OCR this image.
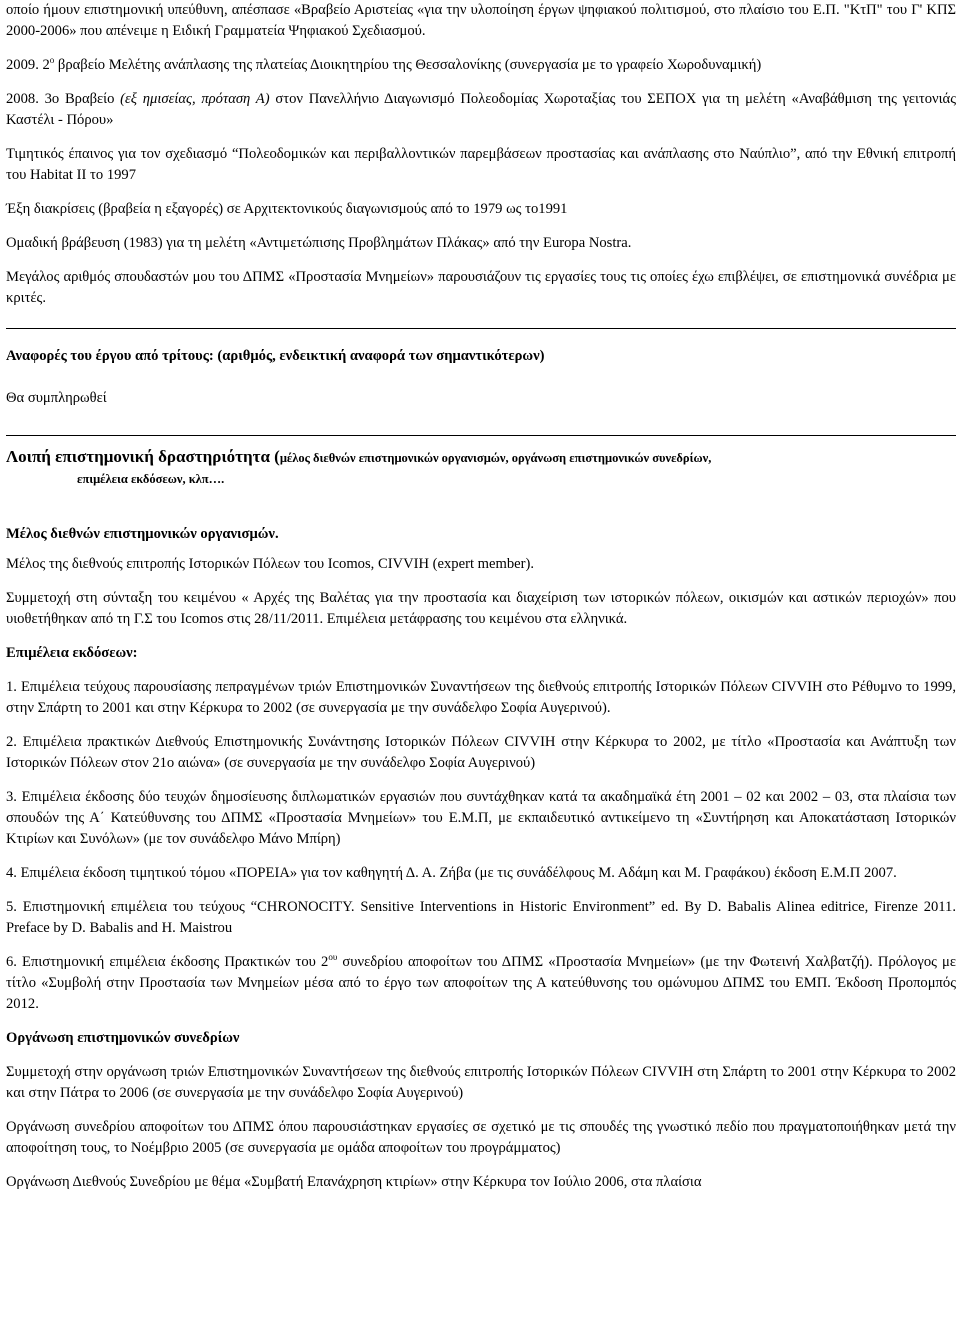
οποίο ήμουν επιστημονική υπεύθυνη, απέσπασε «Βραβείο Αριστείας «για την υλοποίηση έργων ψηφιακού πολιτισμού, στο πλαίσιο του Ε.Π. "ΚτΠ" του Γ' ΚΠΣ 2000-2006» που απένειμε η Ειδική Γραμματεία Ψηφιακού Σχεδιασμού.

2009. $2^o$ βραβείο Μελέτης ανάπλασης της πλατείας Διοικητηρίου της Θεσσαλονίκης (συνεργασία με το γραφείο Χωροδυναμική)

2008. 3ο Βραβείο (εξ ημισείας, πρόταση Α) στον Πανελλήνιο Διαγωνισμό Πολεοδομίας Χωροταξίας του ΣΕΠΟΧ για τη μελέτη «Αναβάθμιση της γειτονιάς Καστέλι - Πόρου»

Τιμητικός έπαινος για τον σχεδιασμό “Πολεοδομικών και περιβαλλοντικών παρεμβάσεων προστασίας και ανάπλασης στο Ναύπλιο”, από την Εθνική επιτροπή του Habitat II το 1997

Έξη διακρίσεις (βραβεία η εξαγορές) σε Αρχιτεκτονικούς διαγωνισμούς από το 1979 ως το1991

Ομαδική βράβευση (1983) για τη μελέτη «Αντιμετώπισης Προβλημάτων Πλάκας» από την Europa Nostra.

Μεγάλος αριθμός σπουδαστών μου του ΔΠΜΣ «Προστασία Μνημείων» παρουσιάζουν τις εργασίες τους τις οποίες έχω επιβλέψει, σε επιστημονικά συνέδρια με κριτές.

Αναφορές του έργου από τρίτους: (αριθμός, ενδεικτική αναφορά των σημαντικότερων)

Θα συμπληρωθεί

Λοιπή επιστημονική δραστηριότητα (μέλος διεθνών επιστημονικών οργανισμών, οργάνωση επιστημονικών συνεδρίων,

επιμέλεια εκδόσεων, κλπ….

Μέλος διεθνών επιστημονικών οργανισμών.

Μέλος της διεθνούς επιτροπής Ιστορικών Πόλεων του Icomos, CIVVIH (expert member).

Συμμετοχή στη σύνταξη του κειμένου « Αρχές της Βαλέτας για την προστασία και διαχείριση των ιστορικών πόλεων, οικισμών και αστικών περιοχών» που υιοθετήθηκαν από τη Γ.Σ του Icomos στις 28/11/2011. Επιμέλεια μετάφρασης του κειμένου στα ελληνικά.

Επιμέλεια εκδόσεων:

1. Επιμέλεια τεύχους παρουσίασης πεπραγμένων τριών Επιστημονικών Συναντήσεων της διεθνούς επιτροπής Ιστορικών Πόλεων CIVVIH στο Ρέθυμνο το 1999, στην Σπάρτη το 2001 και στην Κέρκυρα το 2002 (σε συνεργασία με την συνάδελφο Σοφία Αυγερινού).

2. Επιμέλεια πρακτικών Διεθνούς Επιστημονικής Συνάντησης Ιστορικών Πόλεων CIVVIH στην Κέρκυρα το 2002, με τίτλο «Προστασία και Ανάπτυξη των Ιστορικών Πόλεων στον 21ο αιώνα» (σε συνεργασία με την συνάδελφο Σοφία Αυγερινού)

3. Επιμέλεια έκδοσης δύο τευχών δημοσίευσης διπλωματικών εργασιών που συντάχθηκαν κατά τα ακαδημαϊκά έτη 2001 – 02 και 2002 – 03, στα πλαίσια των σπουδών της Α΄ Κατεύθυνσης του ΔΠΜΣ «Προστασία Μνημείων» του Ε.Μ.Π, με εκπαιδευτικό αντικείμενο τη «Συντήρηση και Αποκατάσταση Ιστορικών Κτιρίων και Συνόλων» (με τον συνάδελφο Μάνο Μπίρη)

4. Επιμέλεια έκδοση τιμητικού τόμου «ΠΟΡΕΙΑ» για τον καθηγητή Δ. Α. Ζήβα (με τις συνάδέλφους Μ. Αδάμη και Μ. Γραφάκου) έκδοση Ε.Μ.Π 2007.

5. Επιστημονική επιμέλεια του τεύχους “CHRONOCITY. Sensitive Interventions in Historic Environment” ed. By D. Babalis Alinea editrice, Firenze 2011. Preface by D. Babalis and H. Maistrou

6. Επιστημονική επιμέλεια έκδοσης Πρακτικών του $2^{o\upsilon}$ συνεδρίου αποφοίτων του ΔΠΜΣ «Προστασία Μνημείων» (με την Φωτεινή Χαλβατζή). Πρόλογος με τίτλο «Συμβολή στην Προστασία των Μνημείων μέσα από το έργο των αποφοίτων της Α κατεύθυνσης του ομώνυμου ΔΠΜΣ του ΕΜΠ. Έκδοση Προπομπός 2012.

Οργάνωση επιστημονικών συνεδρίων

Συμμετοχή στην οργάνωση τριών Επιστημονικών Συναντήσεων της διεθνούς επιτροπής Ιστορικών Πόλεων CIVVIH στη Σπάρτη το 2001 στην Κέρκυρα το 2002 και στην Πάτρα το 2006 (σε συνεργασία με την συνάδελφο Σοφία Αυγερινού)

Οργάνωση συνεδρίου αποφοίτων του ΔΠΜΣ όπου παρουσιάστηκαν εργασίες σε σχετικό με τις σπουδές της γνωστικό πεδίο που πραγματοποιήθηκαν μετά την αποφοίτηση τους, το Νοέμβριο 2005 (σε συνεργασία με ομάδα αποφοίτων του προγράμματος)

Οργάνωση Διεθνούς Συνεδρίου με θέμα «Συμβατή Επανάχρηση κτιρίων» στην Κέρκυρα τον Ιούλιο 2006, στα πλαίσια
